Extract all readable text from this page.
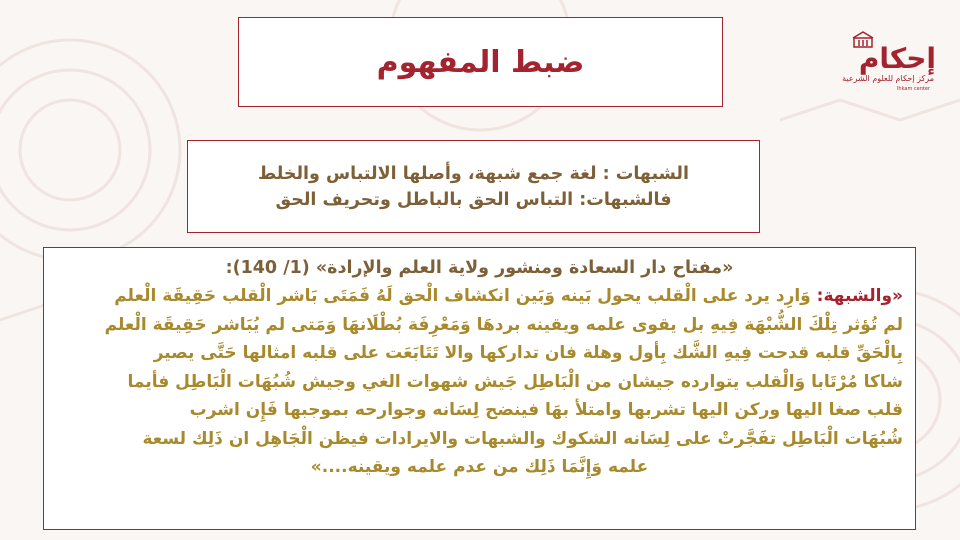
إحكام
مركز إحكام للعلوم الشرعية
Ihkam center
ضبط المفهوم
الشبهات : لغة جمع شبهة، وأصلها الالتباس والخلط
فالشبهات: التباس الحق بالباطل وتحريف الحق
«مفتاح دار السعادة ومنشور ولاية العلم والإرادة» (1/ 140):
«والشبهة: وَارِد يرد على الْقلب يحول بَينه وَبَين انكشاف الْحق لَهُ فَمَتَى بَاشر الْقلب حَقِيقَة الْعلم
لم تُؤثر تِلْكَ الشُّبْهَة فِيهِ بل يقوى علمه ويقينه بردهَا وَمَعْرِفَة بُطْلَانهَا وَمَتى لم يُبَاشر حَقِيقَة الْعلم
بِالْحَقِّ قلبه قدحت فِيهِ الشَّك بِأول وهلة فان تداركها والا تَتَابَعَت على قلبه امثالها حَتَّى يصير
شاكا مُرْتَابا وَالْقلب يتوارده جيشان من الْبَاطِل جَيش شهوات الغي وجيش شُبُهَات الْبَاطِل فأيما
قلب صغا اليها وركن اليها تشربها وامتلأ بهَا فينضح لِسَانه وجوارحه بموجبها فَإِن اشرب
شُبُهَات الْبَاطِل تفَجَّرتْ على لِسَانه الشكوك والشبهات والايرادات فيظن الْجَاهِل ان ذَلِك لسعة
علمه وَإِنَّمَا ذَلِك من عدم علمه ويقينه....»
